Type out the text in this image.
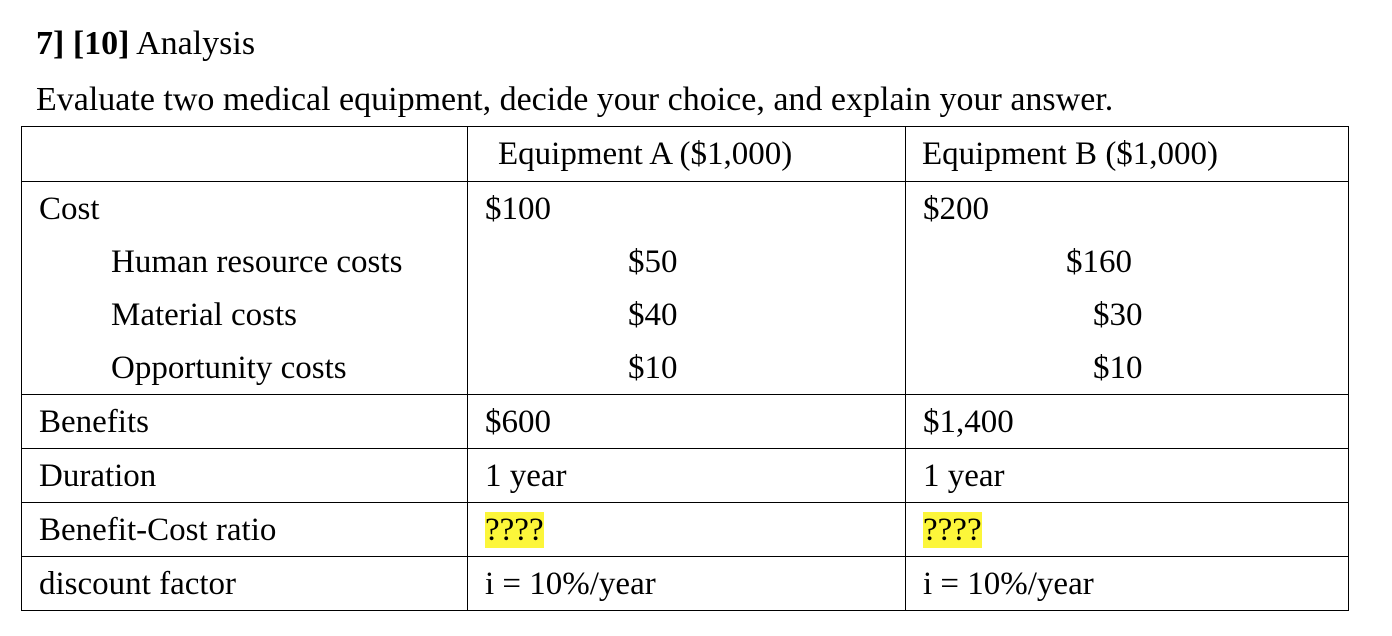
7] [10] Analysis
Evaluate two medical equipment, decide your choice, and explain your answer.
	Equipment A ($1,000)	Equipment B ($1,000)
Cost	$100	$200
Human resource costs	$50	$160
Material costs	$40	$30
Opportunity costs	$10	$10
Benefits	$600	$1,400
Duration	1 year	1 year
Benefit-Cost ratio	????	????
discount factor	i = 10%/year	i = 10%/year
